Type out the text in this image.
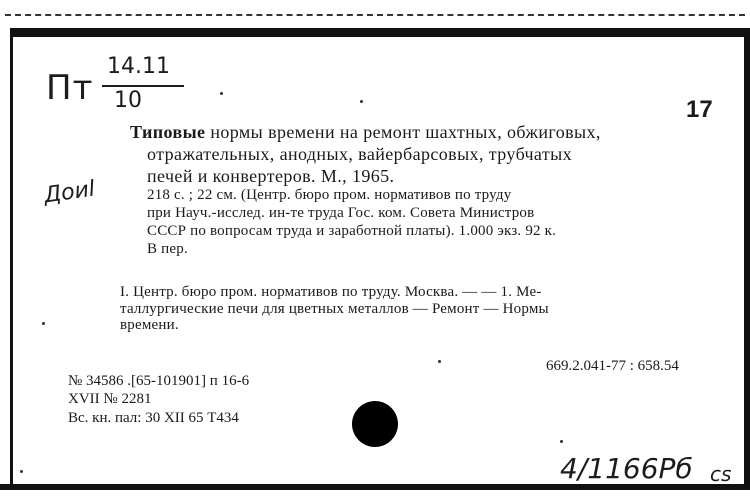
Пт
14.11
10
Дoиl
17
Типовые нормы времени на ремонт шахтных, обжиговых,
отражательных, анодных, вайербарсовых, трубчатых
печей и конвертеров. М., 1965.
218 с. ; 22 см. (Центр. бюро пром. нормативов по труду
при Науч.-исслед. ин-те труда Гос. ком. Совета Министров
СССР по вопросам труда и заработной платы). 1.000 экз. 92 к.
В пер.
I. Центр. бюро пром. нормативов по труду. Москва. — — 1. Ме-
таллургические печи для цветных металлов — Ремонт — Нормы
времени.
669.2.041-77 : 658.54
№ 34586 .[65-101901] п 16-6
XVII № 2281
Вс. кн. пал: 30 XII 65 Т434
4/1166Рб cs
